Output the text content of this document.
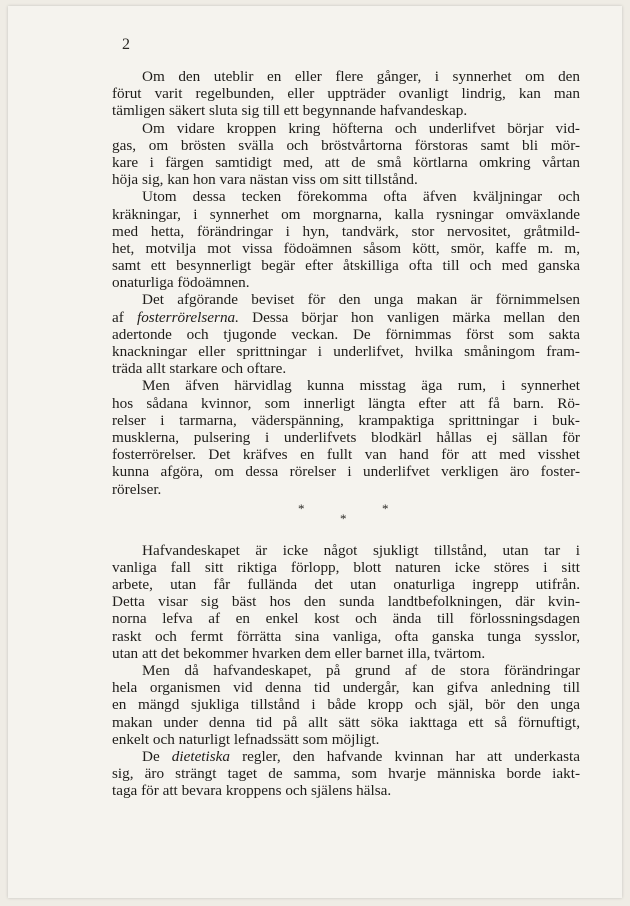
2
Om den uteblir en eller flere gånger, i synnerhet om den
förut varit regelbunden, eller uppträder ovanligt lindrig, kan man
tämligen säkert sluta sig till ett begynnande hafvandeskap.
Om vidare kroppen kring höfterna och underlifvet börjar vid-
gas, om brösten svälla och bröstvårtorna förstoras samt bli mör-
kare i färgen samtidigt med, att de små körtlarna omkring vårtan
höja sig, kan hon vara nästan viss om sitt tillstånd.
Utom dessa tecken förekomma ofta äfven kväljningar och
kräkningar, i synnerhet om morgnarna, kalla rysningar omväxlande
med hetta, förändringar i hyn, tandvärk, stor nervositet, gråtmild-
het, motvilja mot vissa födoämnen såsom kött, smör, kaffe m. m,
samt ett besynnerligt begär efter åtskilliga ofta till och med ganska
onaturliga födoämnen.
Det afgörande beviset för den unga makan är förnimmelsen
af fosterrörelserna. Dessa börjar hon vanligen märka mellan den
adertonde och tjugonde veckan. De förnimmas först som sakta
knackningar eller sprittningar i underlifvet, hvilka småningom fram-
träda allt starkare och oftare.
Men äfven härvidlag kunna misstag äga rum, i synnerhet
hos sådana kvinnor, som innerligt längta efter att få barn. Rö-
relser i tarmarna, väderspänning, krampaktiga sprittningar i buk-
musklerna, pulsering i underlifvets blodkärl hållas ej sällan för
fosterrörelser. Det kräfves en fullt van hand för att med visshet
kunna afgöra, om dessa rörelser i underlifvet verkligen äro foster-
rörelser.
*	*
*
Hafvandeskapet är icke något sjukligt tillstånd, utan tar i
vanliga fall sitt riktiga förlopp, blott naturen icke störes i sitt
arbete, utan får fulländа det utan onaturliga ingrepp utifrån.
Detta visar sig bäst hos den sunda landtbefolkningen, där kvin-
norna lefva af en enkel kost och ända till förlossningsdagen
raskt och fermt förrätta sina vanliga, ofta ganska tunga sysslor,
utan att det bekommer hvarken dem eller barnet illa, tvärtom.
Men då hafvandeskapet, på grund af de stora förändringar
hela organismen vid denna tid undergår, kan gifva anledning till
en mängd sjukliga tillstånd i både kropp och själ, bör den unga
makan under denna tid på allt sätt söka iakttaga ett så förnuftigt,
enkelt och naturligt lefnadssätt som möjligt.
De dietetiska regler, den hafvande kvinnan har att underkasta
sig, äro strängt taget de samma, som hvarje människa borde iakt-
taga för att bevara kroppens och själens hälsa.
